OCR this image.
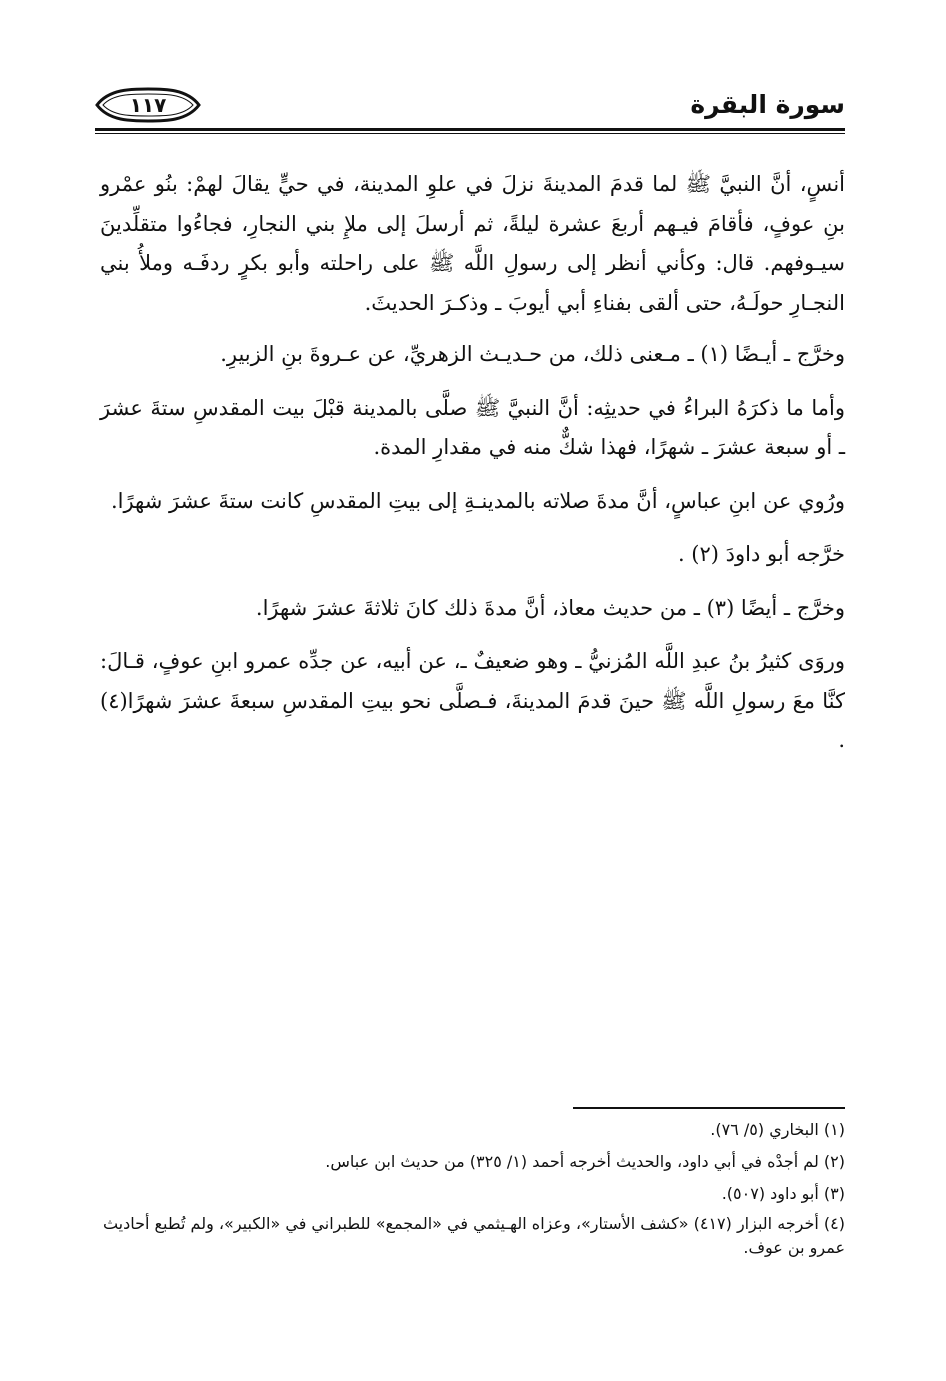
سورة البقرة
١١٧

أنسٍ، أنَّ النبيَّ ﷺ لما قدمَ المدينةَ نزلَ في علوِ المدينة، في حيٍّ يقالَ لهمْ: بنُو عمْرو بنِ عوفٍ، فأقامَ فيـهم أربعَ عشرة ليلةً، ثم أرسلَ إلى ملإِ بني النجارِ، فجاءُوا متقلِّدينَ سيـوفهم. قال: وكأني أنظر إلى رسولِ اللَّه ﷺ على راحلته وأبو بكرٍ ردفَـه وملأُ بني النجـارِ حولَـهُ، حتى ألقى بفناءِ أبي أيوبَ ـ وذكـرَ الحديثَ.

وخرَّج ـ أيـضًا (١) ـ مـعنى ذلك، من حـديـث الزهريِّ، عن عـروةَ بنِ الزبيرِ.

وأما ما ذكرَهُ البراءُ في حديثِه: أنَّ النبيَّ ﷺ صلَّى بالمدينة قبْلَ بيت المقدسِ ستةَ عشرَ ـ أو سبعة عشرَ ـ شهرًا، فهذا شكٌّ منه في مقدارِ المدة.

ورُوي عن ابنِ عباسٍ، أنَّ مدةَ صلاته بالمدينـةِ إلى بيتِ المقدسِ كانت ستةَ عشرَ شهرًا.

خرَّجه أبو داودَ (٢) .

وخرَّج ـ أيضًا (٣) ـ من حديث معاذ، أنَّ مدةَ ذلك كانَ ثلاثةَ عشرَ شهرًا.

وروَى كثيرُ بنُ عبدِ اللَّه المُزنيُّ ـ وهو ضعيفٌ ـ، عن أبيه، عن جدِّه عمرو ابنِ عوفٍ، قـالَ: كنَّا معَ رسولِ اللَّه ﷺ حينَ قدمَ المدينةَ، فـصلَّى نحو بيتِ المقدسِ سبعةَ عشرَ شهرًا(٤) .

(١) البخاري (٥/ ٧٦).
(٢) لم أجدْه في أبي داود، والحديث أخرجه أحمد (١/ ٣٢٥) من حديث ابن عباس.
(٣) أبو داود (٥٠٧).
(٤) أخرجه البزار (٤١٧) «كشف الأستار»، وعزاه الهـيثمي في «المجمع» للطبراني في «الكبير»، ولم تُطبع أحاديث عمرو بن عوف.
